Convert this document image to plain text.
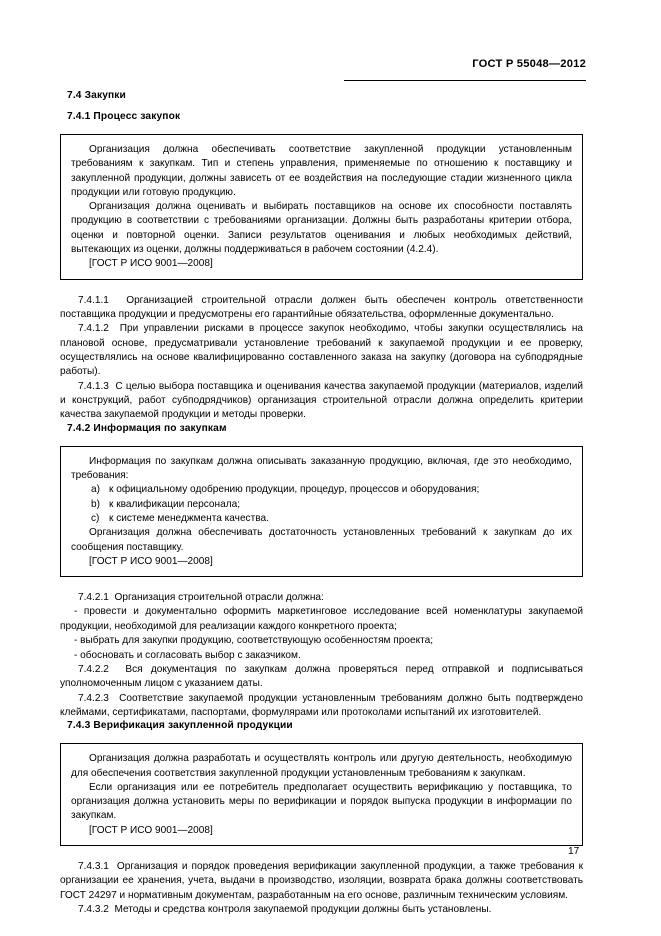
ГОСТ Р 55048—2012
7.4 Закупки
7.4.1 Процесс закупок

Организация должна обеспечивать соответствие закупленной продукции установленным требованиям к закупкам. Тип и степень управления, применяемые по отношению к поставщику и закупленной продукции, должны зависеть от ее воздействия на последующие стадии жизненного цикла продукции или готовую продукцию.

Организация должна оценивать и выбирать поставщиков на основе их способности поставлять продукцию в соответствии с требованиями организации. Должны быть разработаны критерии отбора, оценки и повторной оценки. Записи результатов оценивания и любых необходимых действий, вытекающих из оценки, должны поддерживаться в рабочем состоянии (4.2.4).

[ГОСТ Р ИСО 9001—2008]

7.4.1.1 Организацией строительной отрасли должен быть обеспечен контроль ответственности поставщика продукции и предусмотрены его гарантийные обязательства, оформленные документально.

7.4.1.2 При управлении рисками в процессе закупок необходимо, чтобы закупки осуществлялись на плановой основе, предусматривали установление требований к закупаемой продукции и ее проверку, осуществлялись на основе квалифицированно составленного заказа на закупку (договора на субподрядные работы).

7.4.1.3 С целью выбора поставщика и оценивания качества закупаемой продукции (материалов, изделий и конструкций, работ субподрядчиков) организация строительной отрасли должна определить критерии качества закупаемой продукции и методы проверки.

7.4.2 Информация по закупкам

Информация по закупкам должна описывать заказанную продукцию, включая, где это необходимо, требования:

a) к официальному одобрению продукции, процедур, процессов и оборудования;
b) к квалификации персонала;
c) к системе менеджмента качества.

Организация должна обеспечивать достаточность установленных требований к закупкам до их сообщения поставщику.

[ГОСТ Р ИСО 9001—2008]

7.4.2.1 Организация строительной отрасли должна:

- провести и документально оформить маркетинговое исследование всей номенклатуры закупаемой продукции, необходимой для реализации каждого конкретного проекта;

- выбрать для закупки продукцию, соответствующую особенностям проекта;

- обосновать и согласовать выбор с заказчиком.

7.4.2.2 Вся документация по закупкам должна проверяться перед отправкой и подписываться уполномоченным лицом с указанием даты.

7.4.2.3 Соответствие закупаемой продукции установленным требованиям должно быть подтверждено клеймами, сертификатами, паспортами, формулярами или протоколами испытаний их изготовителей.

7.4.3 Верификация закупленной продукции

Организация должна разработать и осуществлять контроль или другую деятельность, необходимую для обеспечения соответствия закупленной продукции установленным требованиям к закупкам.

Если организация или ее потребитель предполагает осуществить верификацию у поставщика, то организация должна установить меры по верификации и порядок выпуска продукции в информации по закупкам.

[ГОСТ Р ИСО 9001—2008]

7.4.3.1 Организация и порядок проведения верификации закупленной продукции, а также требования к организации ее хранения, учета, выдачи в производство, изоляции, возврата брака должны соответствовать ГОСТ 24297 и нормативным документам, разработанным на его основе, различным техническим условиям.

7.4.3.2 Методы и средства контроля закупаемой продукции должны быть установлены.

17
